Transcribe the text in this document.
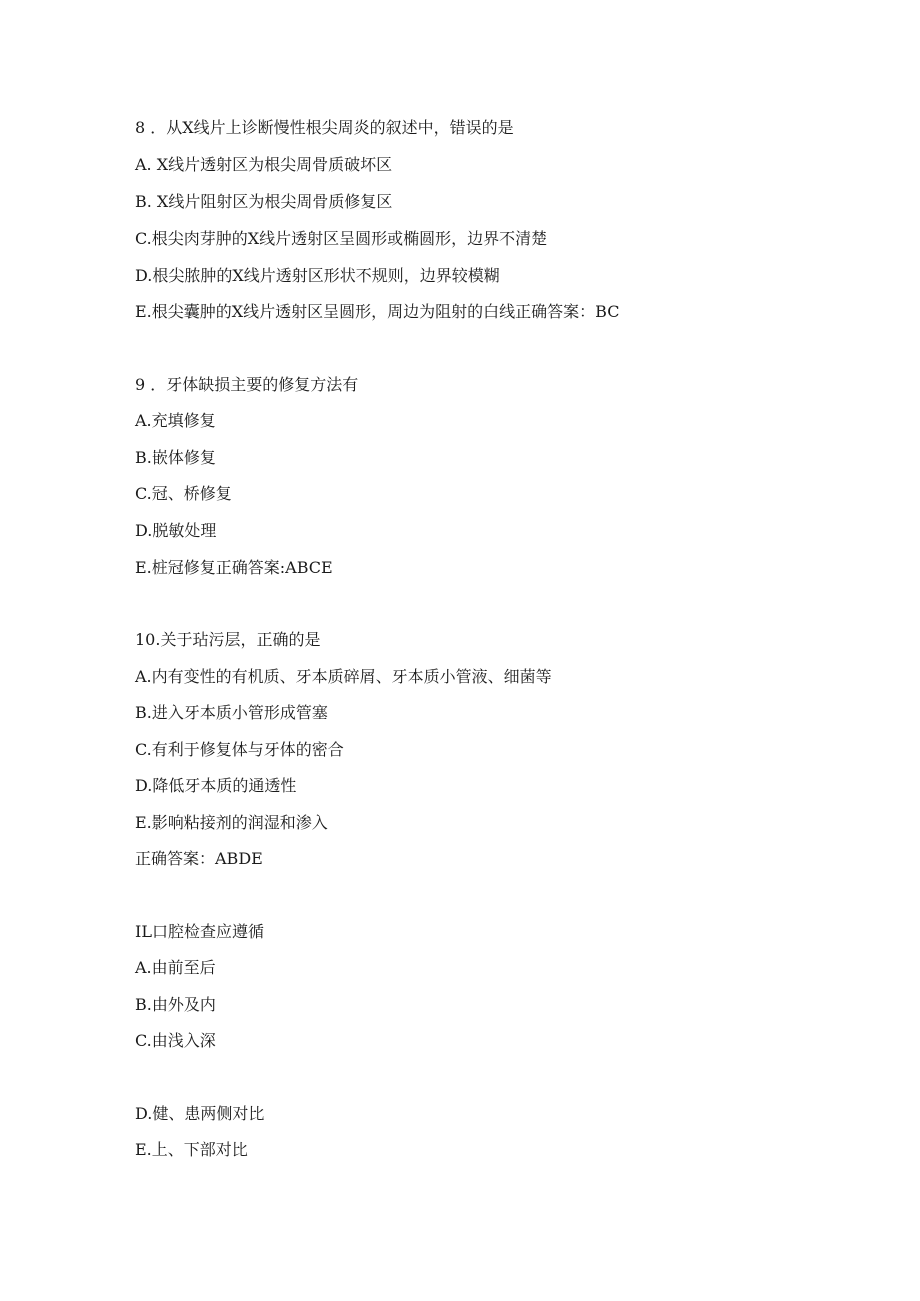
8 ．从X线片上诊断慢性根尖周炎的叙述中，错误的是
A. X线片透射区为根尖周骨质破坏区
B. X线片阻射区为根尖周骨质修复区
C.根尖肉芽肿的X线片透射区呈圆形或椭圆形，边界不清楚
D.根尖脓肿的X线片透射区形状不规则，边界较模糊
E.根尖囊肿的X线片透射区呈圆形，周边为阻射的白线正确答案：BC
9 ．牙体缺损主要的修复方法有
A.充填修复
B.嵌体修复
C.冠、桥修复
D.脱敏处理
E.桩冠修复正确答案:ABCE
10.关于玷污层，正确的是
A.内有变性的有机质、牙本质碎屑、牙本质小管液、细菌等
B.进入牙本质小管形成管塞
C.有利于修复体与牙体的密合
D.降低牙本质的通透性
E.影响粘接剂的润湿和渗入
正确答案：ABDE
IL口腔检查应遵循
A.由前至后
B.由外及内
C.由浅入深
D.健、患两侧对比
E.上、下部对比
